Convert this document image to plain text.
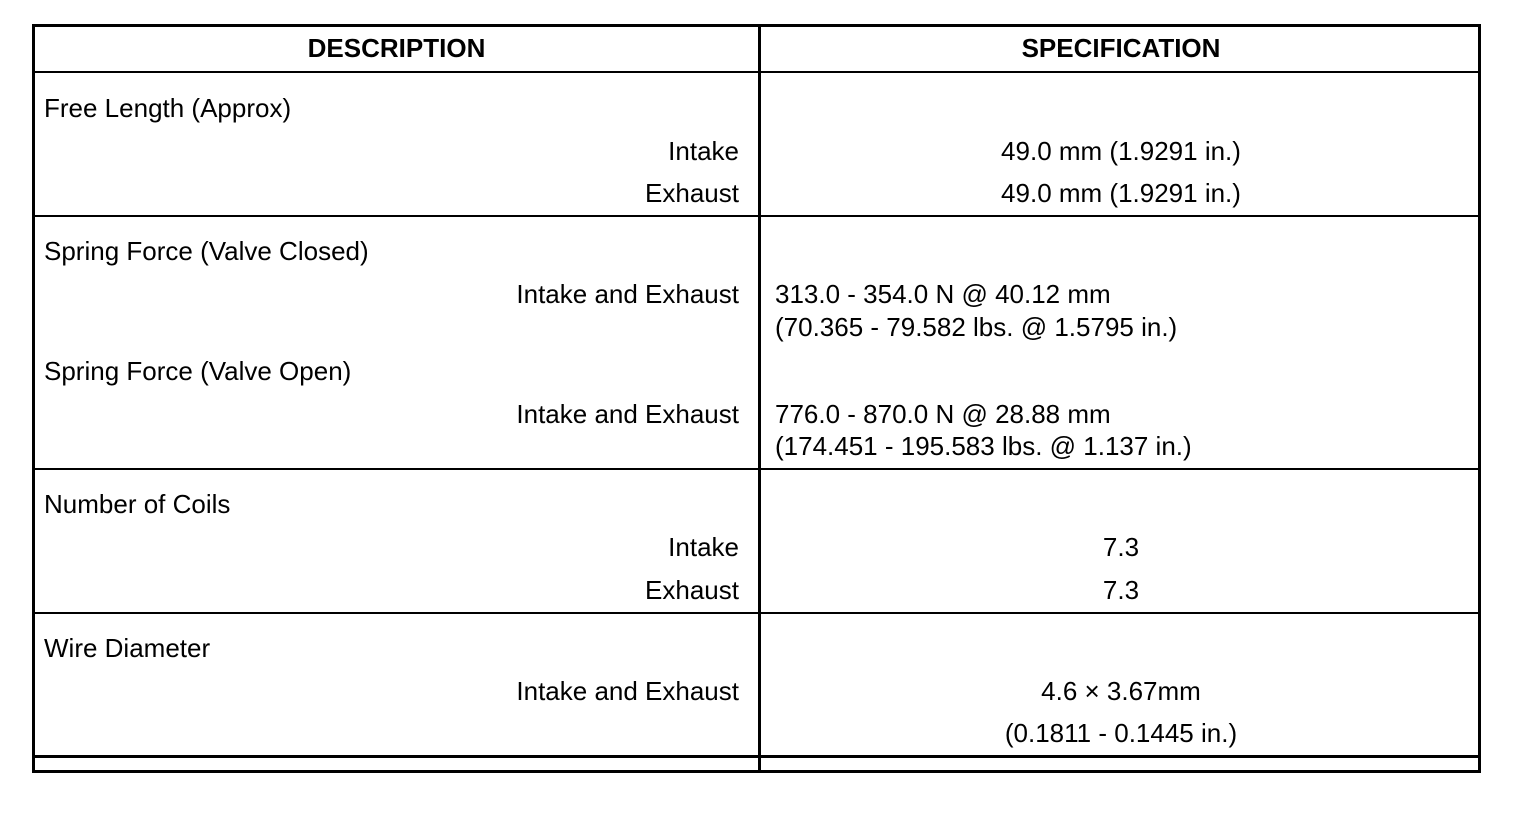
DESCRIPTION	SPECIFICATION
Free Length (Approx)
Intake	49.0 mm (1.9291 in.)
Exhaust	49.0 mm (1.9291 in.)
Spring Force (Valve Closed)
Intake and Exhaust 313.0 - 354.0 N @ 40.12 mm
(70.365 - 79.582 lbs. @ 1.5795 in.)
Spring Force (Valve Open)
Intake and Exhaust 776.0 - 870.0 N @ 28.88 mm
(174.451 - 195.583 lbs. @ 1.137 in.)
Number of Coils
Intake	7.3
Exhaust	7.3
Wire Diameter
Intake and Exhaust	4.6 × 3.67mm
(0.1811 - 0.1445 in.)
